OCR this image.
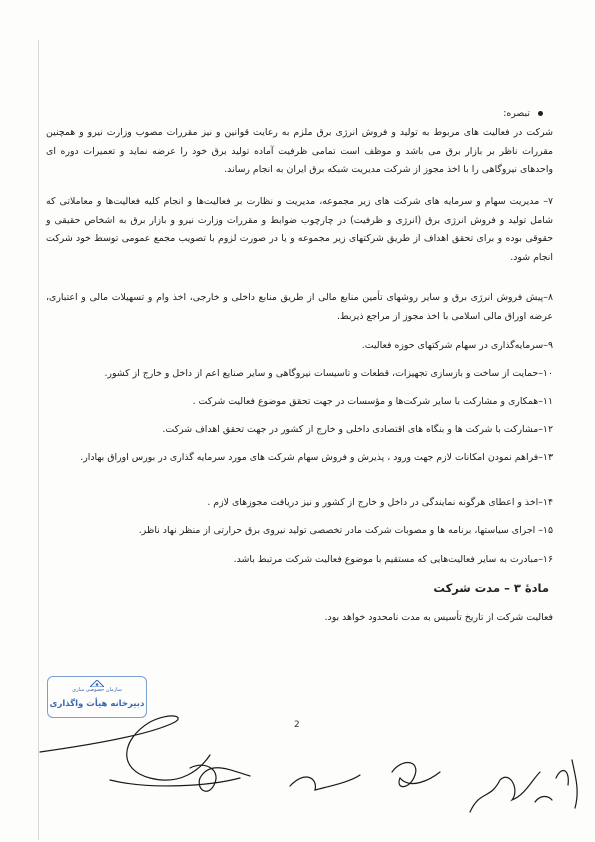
تبصره:
شرکت در فعالیت های مربوط به تولید و فروش انرژی برق ملزم به رعایت قوانین و نیز مقررات مصوب وزارت نیرو و همچنین مقررات ناظر بر بازار برق می باشد و موظف است تمامی ظرفیت آماده تولید برق خود را عرضه نماید و تعمیرات دوره ای واحدهای نیروگاهی را با اخذ مجوز از شرکت مدیریت شبکه برق ایران به انجام رساند.
۷– مدیریت سهام و سرمایه های شرکت های زیر مجموعه، مدیریت و نظارت بر فعالیت‌ها و انجام کلیه فعالیت‌ها و معاملاتی که شامل تولید و فروش انرژی برق (انرژی و ظرفیت) در چارچوب ضوابط و مقررات وزارت نیرو و بازار برق به اشخاص حقیقی و حقوقی بوده و برای تحقق اهداف از طریق شرکتهای زیر مجموعه و یا در صورت لزوم با تصویب مجمع عمومی توسط خود شرکت انجام شود.
۸–پیش فروش انرژی برق و سایر روشهای تأمین منابع مالی از طریق منابع داخلی و خارجی، اخذ وام و تسهیلات مالی و اعتباری، عرضه اوراق مالی اسلامی با اخذ مجوز از مراجع ذیربط.
۹–سرمایه‌گذاری در سهام شرکتهای حوزه فعالیت.
۱۰–حمایت از ساخت و بازسازی تجهیزات، قطعات و تاسیسات نیروگاهی و سایر صنایع اعم از داخل و خارج از کشور.
۱۱–همکاری و مشارکت با سایر شرکت‌ها و مؤسسات در جهت تحقق موضوع فعالیت شرکت .
۱۲–مشارکت با شرکت ها و بنگاه های اقتصادی داخلی و خارج از کشور در جهت تحقق اهداف شرکت.
۱۳–فراهم نمودن امکانات لازم جهت ورود ، پذیرش و فروش سهام شرکت های مورد سرمایه گذاری در بورس اوراق بهادار.
۱۴–اخذ و اعطای هرگونه نمایندگی در داخل و خارج از کشور و نیز دریافت مجوزهای لازم .
۱۵– اجرای سیاستها، برنامه ها و مصوبات شرکت مادر تخصصی تولید نیروی برق حرارتی از منظر نهاد ناظر.
۱۶–مبادرت به سایر فعالیت‌هایی که مستقیم با موضوع فعالیت شرکت مرتبط باشد.
مادهٔ ۳ – مدت شرکت
فعالیت شرکت از تاریخ تأسیس به مدت نامحدود خواهد بود.
سازمان خصوصی سازی
دبیرخانه هیأت واگذاری
2
